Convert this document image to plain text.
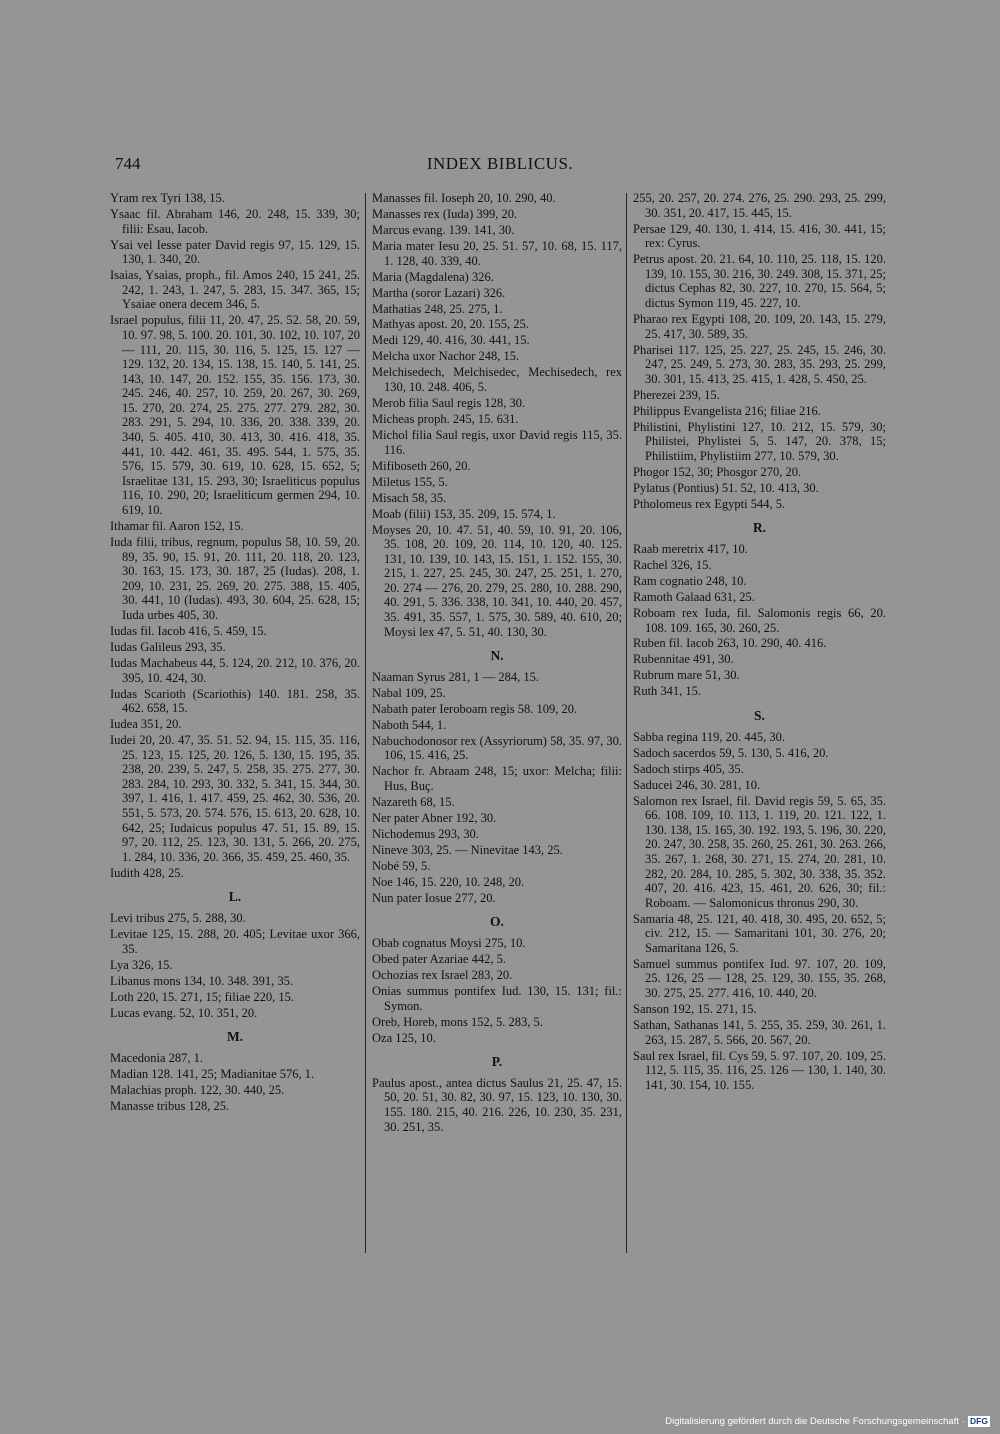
744	INDEX BIBLICUS.

Yram rex Tyri 138, 15.

Ysaac fil. Abraham 146, 20. 248, 15. 339, 30; filii: Esau, Iacob.

Ysai vel Iesse pater David regis 97, 15. 129, 15. 130, 1. 340, 20.

Isaias, Ysaias, proph., fil. Amos 240, 15 241, 25. 242, 1. 243, 1. 247, 5. 283, 15. 347. 365, 15; Ysaiae onera decem 346, 5.

Israel populus, filii 11, 20. 47, 25. 52. 58, 20. 59, 10. 97. 98, 5. 100. 20. 101, 30. 102, 10. 107, 20 — 111, 20. 115, 30. 116, 5. 125, 15. 127 — 129. 132, 20. 134, 15. 138, 15. 140, 5. 141, 25. 143, 10. 147, 20. 152. 155, 35. 156. 173, 30. 245. 246, 40. 257, 10. 259, 20. 267, 30. 269, 15. 270, 20. 274, 25. 275. 277. 279. 282, 30. 283. 291, 5. 294, 10. 336, 20. 338. 339, 20. 340, 5. 405. 410, 30. 413, 30. 416. 418, 35. 441, 10. 442. 461, 35. 495. 544, 1. 575, 35. 576, 15. 579, 30. 619, 10. 628, 15. 652, 5; Israelitae 131, 15. 293, 30; Israeliticus populus 116, 10. 290, 20; Israeliticum germen 294, 10. 619, 10.

Ithamar fil. Aaron 152, 15.

Iuda filii, tribus, regnum, populus 58, 10. 59, 20. 89, 35. 90, 15. 91, 20. 111, 20. 118, 20. 123, 30. 163, 15. 173, 30. 187, 25 (Iudas). 208, 1. 209, 10. 231, 25. 269, 20. 275. 388, 15. 405, 30. 441, 10 (Iudas). 493, 30. 604, 25. 628, 15; Iuda urbes 405, 30.

Iudas fil. Iacob 416, 5. 459, 15.

Iudas Galileus 293, 35.

Iudas Machabeus 44, 5. 124, 20. 212, 10. 376, 20. 395, 10. 424, 30.

Iudas Scarioth (Scariothis) 140. 181. 258, 35. 462. 658, 15.

Iudea 351, 20.

Iudei 20, 20. 47, 35. 51. 52. 94, 15. 115, 35. 116, 25. 123, 15. 125, 20. 126, 5. 130, 15. 195, 35. 238, 20. 239, 5. 247, 5. 258, 35. 275. 277, 30. 283. 284, 10. 293, 30. 332, 5. 341, 15. 344, 30. 397, 1. 416, 1. 417. 459, 25. 462, 30. 536, 20. 551, 5. 573, 20. 574. 576, 15. 613, 20. 628, 10. 642, 25; Iudaicus populus 47. 51, 15. 89, 15. 97, 20. 112, 25. 123, 30. 131, 5. 266, 20. 275, 1. 284, 10. 336, 20. 366, 35. 459, 25. 460, 35.

Iudith 428, 25.

L.

Levi tribus 275, 5. 288, 30.

Levitae 125, 15. 288, 20. 405; Levitae uxor 366, 35.

Lya 326, 15.

Libanus mons 134, 10. 348. 391, 35.

Loth 220, 15. 271, 15; filiae 220, 15.

Lucas evang. 52, 10. 351, 20.

M.

Macedonia 287, 1.

Madian 128. 141, 25; Madianitae 576, 1.

Malachias proph. 122, 30. 440, 25.

Manasse tribus 128, 25.

Manasses fil. Ioseph 20, 10. 290, 40.

Manasses rex (Iuda) 399, 20.

Marcus evang. 139. 141, 30.

Maria mater Iesu 20, 25. 51. 57, 10. 68, 15. 117, 1. 128, 40. 339, 40.

Maria (Magdalena) 326.

Martha (soror Lazari) 326.

Mathatias 248, 25. 275, 1.

Mathyas apost. 20, 20. 155, 25.

Medi 129, 40. 416, 30. 441, 15.

Melcha uxor Nachor 248, 15.

Melchisedech, Melchisedec, Mechisedech, rex 130, 10. 248. 406, 5.

Merob filia Saul regis 128, 30.

Micheas proph. 245, 15. 631.

Michol filia Saul regis, uxor David regis 115, 35. 116.

Mifiboseth 260, 20.

Miletus 155, 5.

Misach 58, 35.

Moab (filii) 153, 35. 209, 15. 574, 1.

Moyses 20, 10. 47. 51, 40. 59, 10. 91, 20. 106, 35. 108, 20. 109, 20. 114, 10. 120, 40. 125. 131, 10. 139, 10. 143, 15. 151, 1. 152. 155, 30. 215, 1. 227, 25. 245, 30. 247, 25. 251, 1. 270, 20. 274 — 276, 20. 279, 25. 280, 10. 288. 290, 40. 291, 5. 336. 338, 10. 341, 10. 440, 20. 457, 35. 491, 35. 557, 1. 575, 30. 589, 40. 610, 20; Moysi lex 47, 5. 51, 40. 130, 30.

N.

Naaman Syrus 281, 1 — 284, 15.

Nabal 109, 25.

Nabath pater Ieroboam regis 58. 109, 20.

Naboth 544, 1.

Nabuchodonosor rex (Assyriorum) 58, 35. 97, 30. 106, 15. 416, 25.

Nachor fr. Abraam 248, 15; uxor: Melcha; filii: Hus, Buç.

Nazareth 68, 15.

Ner pater Abner 192, 30.

Nichodemus 293, 30.

Nineve 303, 25. — Ninevitae 143, 25.

Nobé 59, 5.

Noe 146, 15. 220, 10. 248, 20.

Nun pater Iosue 277, 20.

O.

Obab cognatus Moysi 275, 10.

Obed pater Azariae 442, 5.

Ochozias rex Israel 283, 20.

Onias summus pontifex Iud. 130, 15. 131; fil.: Symon.

Oreb, Horeb, mons 152, 5. 283, 5.

Oza 125, 10.

P.

Paulus apost., antea dictus Saulus 21, 25. 47, 15. 50, 20. 51, 30. 82, 30. 97, 15. 123, 10. 130, 30. 155. 180. 215, 40. 216. 226, 10. 230, 35. 231, 30. 251, 35.

255, 20. 257, 20. 274. 276, 25. 290. 293, 25. 299, 30. 351, 20. 417, 15. 445, 15.

Persae 129, 40. 130, 1. 414, 15. 416, 30. 441, 15; rex: Cyrus.

Petrus apost. 20. 21. 64, 10. 110, 25. 118, 15. 120. 139, 10. 155, 30. 216, 30. 249. 308, 15. 371, 25; dictus Cephas 82, 30. 227, 10. 270, 15. 564, 5; dictus Symon 119, 45. 227, 10.

Pharao rex Egypti 108, 20. 109, 20. 143, 15. 279, 25. 417, 30. 589, 35.

Pharisei 117. 125, 25. 227, 25. 245, 15. 246, 30. 247, 25. 249, 5. 273, 30. 283, 35. 293, 25. 299, 30. 301, 15. 413, 25. 415, 1. 428, 5. 450, 25.

Pherezei 239, 15.

Philippus Evangelista 216; filiae 216.

Philistini, Phylistini 127, 10. 212, 15. 579, 30; Philistei, Phylistei 5, 5. 147, 20. 378, 15; Philistiim, Phylistiim 277, 10. 579, 30.

Phogor 152, 30; Phosgor 270, 20.

Pylatus (Pontius) 51. 52, 10. 413, 30.

Ptholomeus rex Egypti 544, 5.

R.

Raab meretrix 417, 10.

Rachel 326, 15.

Ram cognatio 248, 10.

Ramoth Galaad 631, 25.

Roboam rex Iuda, fil. Salomonis regis 66, 20. 108. 109. 165, 30. 260, 25.

Ruben fil. Iacob 263, 10. 290, 40. 416.

Rubennitae 491, 30.

Rubrum mare 51, 30.

Ruth 341, 15.

S.

Sabba regina 119, 20. 445, 30.

Sadoch sacerdos 59, 5. 130, 5. 416, 20.

Sadoch stirps 405, 35.

Saducei 246, 30. 281, 10.

Salomon rex Israel, fil. David regis 59, 5. 65, 35. 66. 108. 109, 10. 113, 1. 119, 20. 121. 122, 1. 130. 138, 15. 165, 30. 192. 193, 5. 196, 30. 220, 20. 247, 30. 258, 35. 260, 25. 261, 30. 263. 266, 35. 267, 1. 268, 30. 271, 15. 274, 20. 281, 10. 282, 20. 284, 10. 285, 5. 302, 30. 338, 35. 352. 407, 20. 416. 423, 15. 461, 20. 626, 30; fil.: Roboam. — Salomonicus thronus 290, 30.

Samaria 48, 25. 121, 40. 418, 30. 495, 20. 652, 5; civ. 212, 15. — Samaritani 101, 30. 276, 20; Samaritana 126, 5.

Samuel summus pontifex Iud. 97. 107, 20. 109, 25. 126, 25 — 128, 25. 129, 30. 155, 35. 268, 30. 275, 25. 277. 416, 10. 440, 20.

Sanson 192, 15. 271, 15.

Sathan, Sathanas 141, 5. 255, 35. 259, 30. 261, 1. 263, 15. 287, 5. 566, 20. 567, 20.

Saul rex Israel, fil. Cys 59, 5. 97. 107, 20. 109, 25. 112, 5. 115, 35. 116, 25. 126 — 130, 1. 140, 30. 141, 30. 154, 10. 155.

Digitalisierung gefördert durch die Deutsche Forschungsgemeinschaft · DFG
